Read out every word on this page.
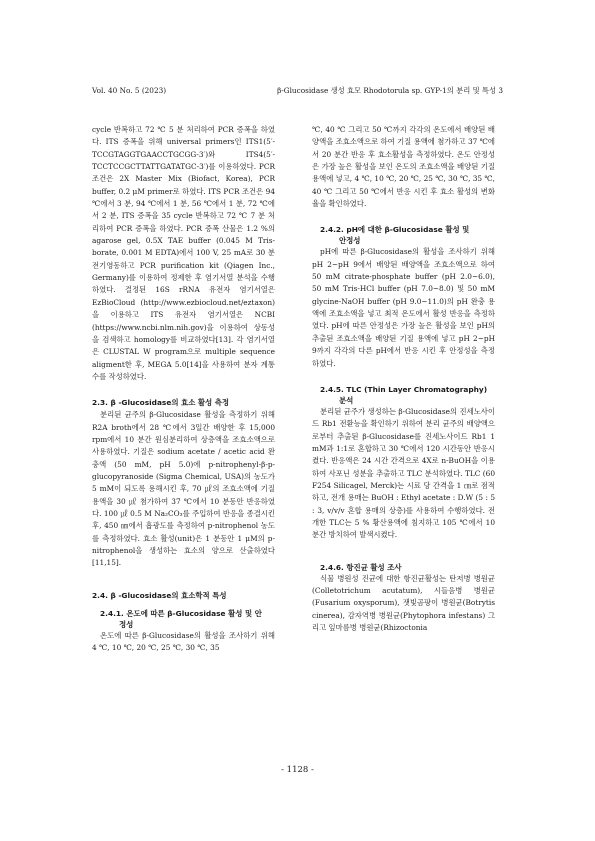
Vol. 40 No. 5 (2023)	β-Glucosidase 생성 효모 Rhodotorula sp. GYP-1의 분리 및 특성 3

cycle 반복하고 72 ℃ 5 분 처리하여 PCR 증폭을 하였다. ITS 증폭을 위해 universal primers인 ITS1(5′-TCCGTAGGTGAACCTGCGG-3′)와 ITS4(5′-TCCTCCGCTTATTGATATGC-3′)를 이용하였다. PCR 조건은 2X Master Mix (Biofact, Korea), PCR buffer, 0.2 μM primer로 하였다. ITS PCR 조건은 94 ℃에서 3 분, 94 ℃에서 1 분, 56 ℃에서 1 분, 72 ℃에서 2 분, ITS 증폭을 35 cycle 반복하고 72 ℃ 7 분 처리하여 PCR 증폭을 하였다. PCR 증폭 산물은 1.2 %의 agarose gel, 0.5X TAE buffer (0.045 M Tris-borate, 0.001 M EDTA)에서 100 V, 25 mA로 30 분 전기영동하고 PCR purification kit (Qiagen Inc., Germany)를 이용하여 정제한 후 염기서열 분석을 수행하였다. 결정된 16S rRNA 유전자 염기서열은 EzBioCloud (http://www.ezbiocloud.net/eztaxon)을 이용하고 ITS 유전자 염기서열은 NCBI (https://www.ncbi.nlm.nih.gov)을 이용하여 상동성을 검색하고 homology를 비교하였다[13]. 각 염기서열은 CLUSTAL W program으로 multiple sequence aligment한 후, MEGA 5.0[14]을 사용하여 분자 계통수를 작성하였다.

2.3. β -Glucosidase의 효소 활성 측정

분리된 균주의 β-Glucosidase 활성을 측정하기 위해 R2A broth에서 28 ℃에서 3일간 배양한 후 15,000 rpm에서 10 분간 원심분리하여 상층액을 조효소액으로 사용하였다. 기질은 sodium acetate / acetic acid 완충액 (50 mM, pH 5.0)에 p-nitrophenyl-β-p-glucopyranoside (Sigma Chemical, USA)의 농도가 5 mM이 되도록 용해시킨 후, 70 ㎕의 조효소액에 기질 용액을 30 ㎕ 첨가하여 37 ℃에서 10 분동안 반응하였다. 100 ㎕ 0.5 M Na₂CO₃를 주입하여 반응을 종결시킨 후, 450 ㎚에서 흡광도를 측정하여 p-nitrophenol 농도를 측정하였다. 효소 활성(unit)은 1 분동안 1 μM의 p-nitrophenol을 생성하는 효소의 양으로 산출하였다[11,15].

2.4. β -Glucosidase의 효소학적 특성

2.4.1. 온도에 따른 β-Glucosidase 활성 및 안
정성

온도에 따른 β-Glucosidase의 활성을 조사하기 위해 4 ℃, 10 ℃, 20 ℃, 25 ℃, 30 ℃, 35

℃, 40 ℃ 그리고 50 ℃까지 각각의 온도에서 배양된 배양액을 조효소액으로 하여 기질 용액에 첨가하고 37 ℃에서 20 분간 반응 후 효소활성을 측정하였다. 온도 안정성은 가장 높은 활성을 보인 온도의 조효소액을 배양된 기질 용액에 넣고, 4 ℃, 10 ℃, 20 ℃, 25 ℃, 30 ℃, 35 ℃, 40 ℃ 그리고 50 ℃에서 반응 시킨 후 효소 활성의 변화율을 확인하였다.

2.4.2. pH에 대한 β-Glucosidase 활성 및
안정성

pH에 따른 β-Glucosidase의 활성을 조사하기 위해 pH 2~pH 9에서 배양된 배양액을 조효소액으로 하여 50 mM citrate-phosphate buffer (pH 2.0~6.0), 50 mM Tris-HCl buffer (pH 7.0~8.0) 및 50 mM glycine-NaOH buffer (pH 9.0~11.0)의 pH 완충 용액에 조효소액을 넣고 최적 온도에서 활성 반응을 측정하였다. pH에 따른 안정성은 가장 높은 활성을 보인 pH의 추출된 조효소액을 배양된 기질 용액에 넣고 pH 2~pH 9까지 각각의 다른 pH에서 반응 시킨 후 안정성을 측정하였다.

2.4.5. TLC (Thin Layer Chromatography)
분석

분리된 균주가 생성하는 β-Glucosidase의 진세노사이드 Rb1 전환능을 확인하기 위하여 분리 균주의 배양액으로부터 추출된 β-Glucosidase를 진세노사이드 Rb1 1 mM과 1:1로 혼합하고 30 ℃에서 120 시간동안 반응시켰다. 반응액은 24 시간 간격으로 4X로 n-BuOH을 이용하여 사포닌 성분을 추출하고 TLC 분석하였다. TLC (60 F254 Silicagel, Merck)는 시료 당 간격을 1 ㎝로 점적하고, 전개 용매는 BuOH : Ethyl acetate : D.W (5 : 5 : 3, v/v/v 혼합 용매의 상층)를 사용하여 수행하였다. 전개한 TLC는 5 % 황산용액에 침지하고 105 ℃에서 10 분간 방치하여 발색시켰다.

2.4.6. 항진균 활성 조사

식물 병원성 진균에 대한 항진균활성는 탄저병 병원균(Colletotrichum acutatum), 시들음병 병원균(Fusarium oxysporum), 잿빛곰팡이 병원균(Botrytis cinerea), 감자역병 병원균(Phytophora infestans) 그리고 잎마름병 병원균(Rhizoctonia

- 1128 -
